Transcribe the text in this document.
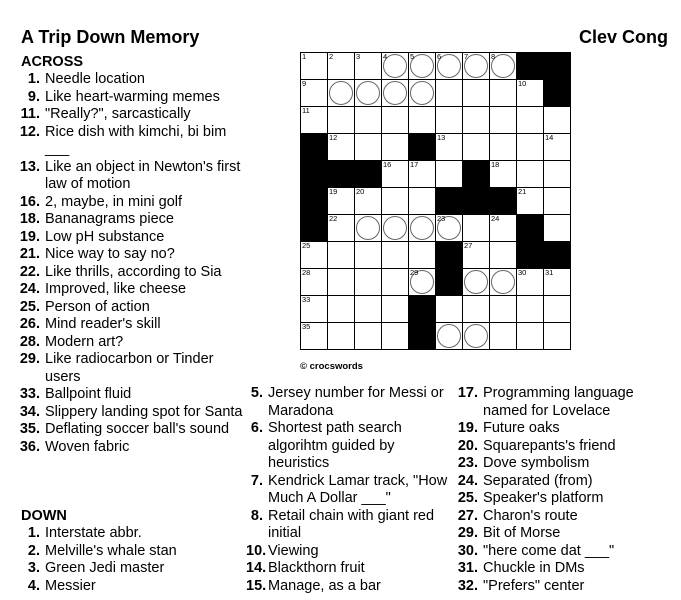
A Trip Down Memory	Clev Cong
ACROSS
1. Needle location
9. Like heart-warming memes
11. "Really?", sarcastically
12. Rice dish with kimchi, bi bim ___
13. Like an object in Newton's first law of motion
16. 2, maybe, in mini golf
18. Bananagrams piece
19. Low pH substance
21. Nice way to say no?
22. Like thrills, according to Sia
24. Improved, like cheese
25. Person of action
26. Mind reader's skill
28. Modern art?
29. Like radiocarbon or Tinder users
33. Ballpoint fluid
34. Slippery landing spot for Santa
35. Deflating soccer ball's sound
36. Woven fabric
DOWN
1. Interstate abbr.
2. Melville's whale stan
3. Green Jedi master
4. Messier
5. Jersey number for Messi or Maradona
6. Shortest path search algorihtm guided by heuristics
7. Kendrick Lamar track, "How Much A Dollar ___"
8. Retail chain with giant red initial
10. Viewing
14. Blackthorn fruit
15. Manage, as a bar
17. Programming language named for Lovelace
19. Future oaks
20. Squarepants's friend
23. Dove symbolism
24. Separated (from)
25. Speaker's platform
27. Charon's route
29. Bit of Morse
30. "here come dat ___"
31. Chuckle in DMs
32. "Prefers" center
1	2	3	4	5	6	7	8
9	10
11
12	13	14
16 17	18
19 20	21
22	23	24
25	27
28	29	30 31
33
35
© crocswords
